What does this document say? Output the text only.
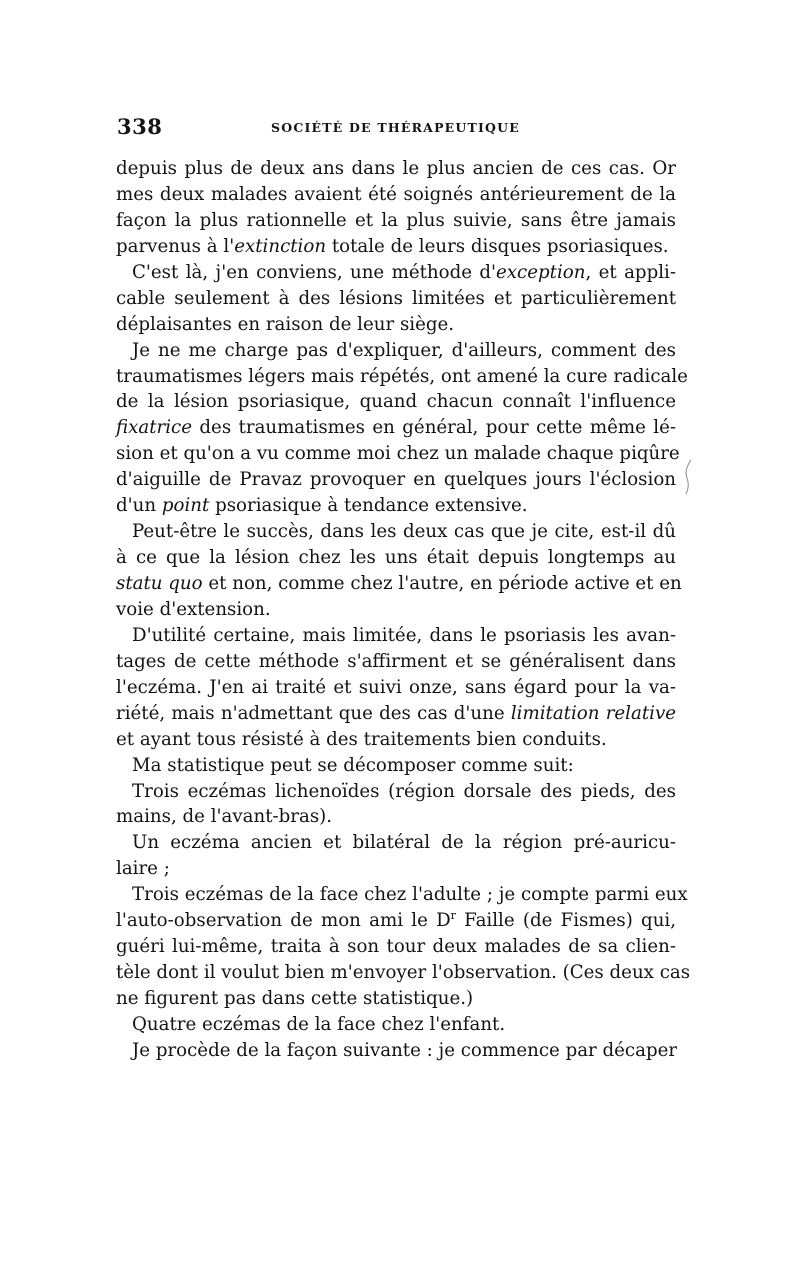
338	SOCIÉTÉ DE THÉRAPEUTIQUE
depuis plus de deux ans dans le plus ancien de ces cas. Or
mes deux malades avaient été soignés antérieurement de la
façon la plus rationnelle et la plus suivie, sans être jamais
parvenus à l'extinction totale de leurs disques psoriasiques.
C'est là, j'en conviens, une méthode d'exception, et appli-
cable seulement à des lésions limitées et particulièrement
déplaisantes en raison de leur siège.
Je ne me charge pas d'expliquer, d'ailleurs, comment des
traumatismes légers mais répétés, ont amené la cure radicale
de la lésion psoriasique, quand chacun connaît l'influence
fixatrice des traumatismes en général, pour cette même lé-
sion et qu'on a vu comme moi chez un malade chaque piqûre
d'aiguille de Pravaz provoquer en quelques jours l'éclosion
d'un point psoriasique à tendance extensive.
Peut-être le succès, dans les deux cas que je cite, est-il dû
à ce que la lésion chez les uns était depuis longtemps au
statu quo et non, comme chez l'autre, en période active et en
voie d'extension.
D'utilité certaine, mais limitée, dans le psoriasis les avan-
tages de cette méthode s'affirment et se généralisent dans
l'eczéma. J'en ai traité et suivi onze, sans égard pour la va-
riété, mais n'admettant que des cas d'une limitation relative
et ayant tous résisté à des traitements bien conduits.
Ma statistique peut se décomposer comme suit:
Trois eczémas lichenoïdes (région dorsale des pieds, des
mains, de l'avant-bras).
Un eczéma ancien et bilatéral de la région pré-auricu-
laire ;
Trois eczémas de la face chez l'adulte ; je compte parmi eux
l'auto-observation de mon ami le $D^r$ Faille (de Fismes) qui,
guéri lui-même, traita à son tour deux malades de sa clien-
tèle dont il voulut bien m'envoyer l'observation. (Ces deux cas
ne figurent pas dans cette statistique.)
Quatre eczémas de la face chez l'enfant.
Je procède de la façon suivante : je commence par décaper
